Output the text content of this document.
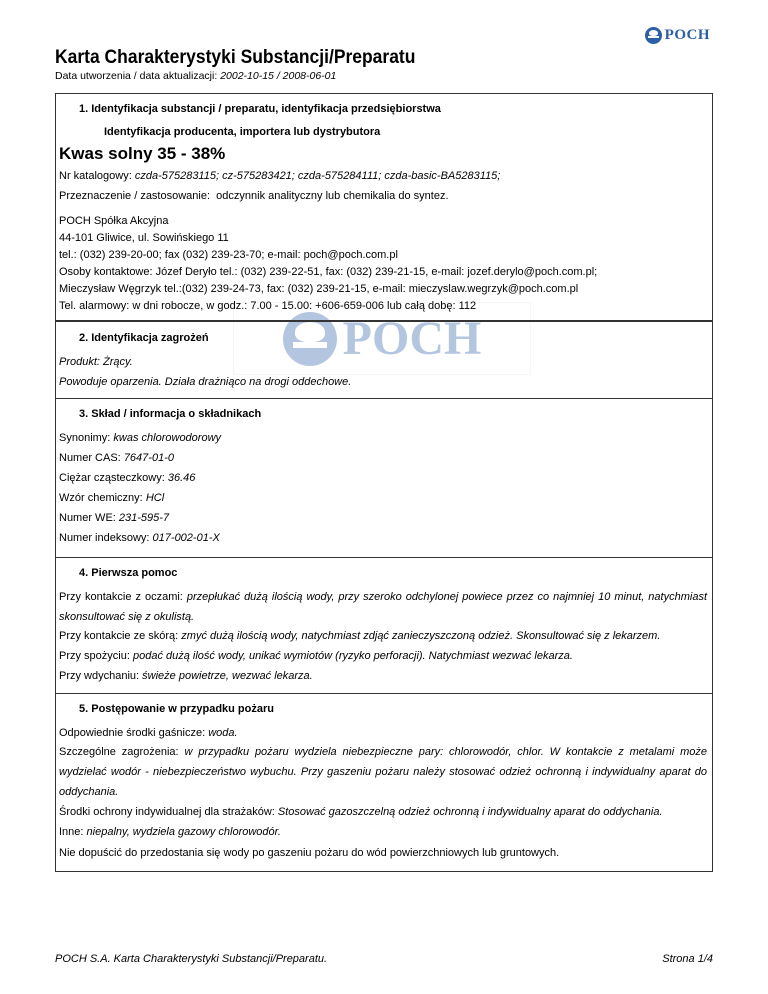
POCH
Karta Charakterystyki Substancji/Preparatu
Data utworzenia / data aktualizacji: 2002-10-15 / 2008-06-01
POCH
1. Identyfikacja substancji / preparatu, identyfikacja przedsiębiorstwa
Identyfikacja producenta, importera lub dystrybutora
Kwas solny 35 - 38%
Nr katalogowy: czda-575283115; cz-575283421; czda-575284111; czda-basic-BA5283115;
Przeznaczenie / zastosowanie: odczynnik analityczny lub chemikalia do syntez.
POCH Spółka Akcyjna
44-101 Gliwice, ul. Sowińskiego 11
tel.: (032) 239-20-00; fax (032) 239-23-70; e-mail: poch@poch.com.pl
Osoby kontaktowe: Józef Deryło tel.: (032) 239-22-51, fax: (032) 239-21-15, e-mail: jozef.derylo@poch.com.pl;
Mieczysław Węgrzyk tel.:(032) 239-24-73, fax: (032) 239-21-15, e-mail: mieczyslaw.wegrzyk@poch.com.pl
Tel. alarmowy: w dni robocze, w godz.: 7.00 - 15.00: +606-659-006 lub całą dobę: 112
2. Identyfikacja zagrożeń
Produkt: Żrący.
Powoduje oparzenia. Działa drażniąco na drogi oddechowe.
3. Skład / informacja o składnikach
Synonimy: kwas chlorowodorowy
Numer CAS: 7647-01-0
Ciężar cząsteczkowy: 36.46
Wzór chemiczny: HCl
Numer WE: 231-595-7
Numer indeksowy: 017-002-01-X
4. Pierwsza pomoc
Przy kontakcie z oczami: przepłukać dużą ilością wody, przy szeroko odchylonej powiece przez co najmniej 10 minut, natychmiast skonsultować się z okulistą.
Przy kontakcie ze skórą: zmyć dużą ilością wody, natychmiast zdjąć zanieczyszczoną odzież. Skonsultować się z lekarzem.
Przy spożyciu: podać dużą ilość wody, unikać wymiotów (ryzyko perforacji). Natychmiast wezwać lekarza.
Przy wdychaniu: świeże powietrze, wezwać lekarza.
5. Postępowanie w przypadku pożaru
Odpowiednie środki gaśnicze: woda.
Szczególne zagrożenia: w przypadku pożaru wydziela niebezpieczne pary: chlorowodór, chlor. W kontakcie z metalami może wydzielać wodór - niebezpieczeństwo wybuchu. Przy gaszeniu pożaru należy stosować odzież ochronną i indywidualny aparat do oddychania.
Środki ochrony indywidualnej dla strażaków: Stosować gazoszczelną odzież ochronną i indywidualny aparat do oddychania.
Inne: niepalny, wydziela gazowy chlorowodór.
Nie dopuścić do przedostania się wody po gaszeniu pożaru do wód powierzchniowych lub gruntowych.
POCH S.A. Karta Charakterystyki Substancji/Preparatu.	Strona 1/4
